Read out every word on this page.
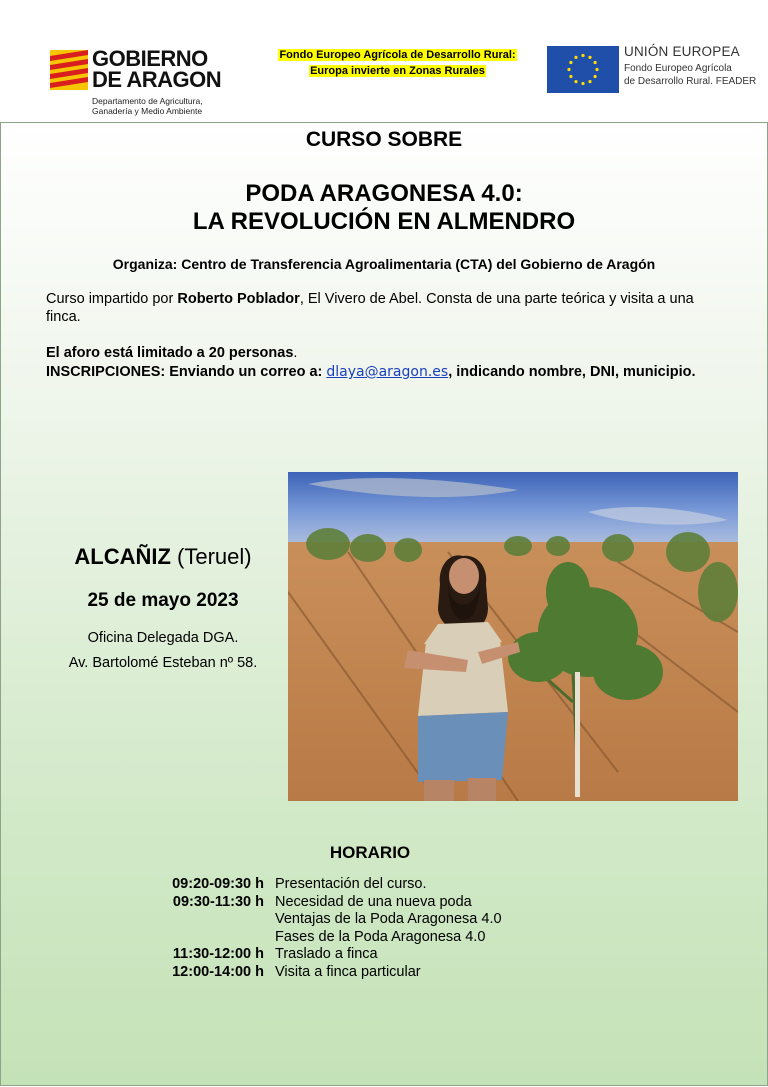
GOBIERNO
DE ARAGON
Departamento de Agricultura,
Ganadería y Medio Ambiente
Fondo Europeo Agrícola de Desarrollo Rural:
Europa invierte en Zonas Rurales
UNIÓN EUROPEA
Fondo Europeo Agrícola
de Desarrollo Rural. FEADER
CURSO SOBRE
PODA ARAGONESA 4.0:
LA REVOLUCIÓN EN ALMENDRO
Organiza: Centro de Transferencia Agroalimentaria (CTA) del Gobierno de Aragón
Curso impartido por Roberto Poblador, El Vivero de Abel. Consta de una parte teórica y visita a una finca.
El aforo está limitado a 20 personas.
INSCRIPCIONES: Enviando un correo a: dlaya@aragon.es, indicando nombre, DNI, municipio.
ALCAÑIZ (Teruel)
25 de mayo 2023
Oficina Delegada DGA.
Av. Bartolomé Esteban nº 58.
HORARIO
09:20-09:30 h Presentación del curso.
09:30-11:30 h Necesidad de una nueva poda
Ventajas de la Poda Aragonesa 4.0
Fases de la Poda Aragonesa 4.0
11:30-12:00 h Traslado a finca
12:00-14:00 h Visita a finca particular
